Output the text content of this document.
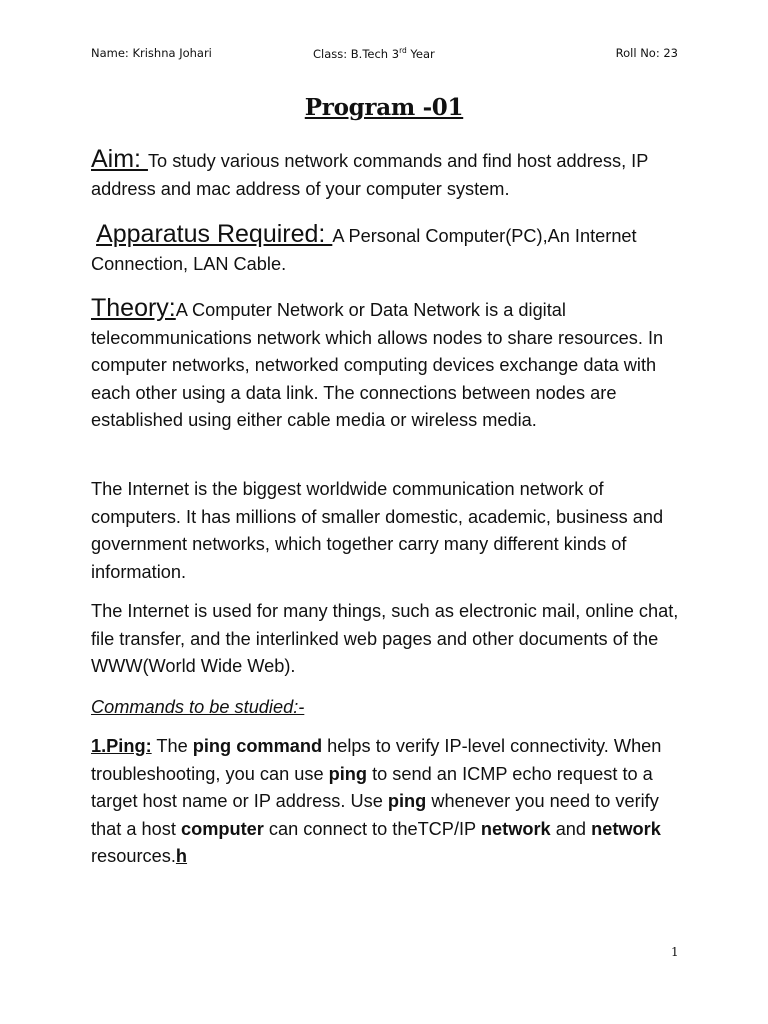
Name: Krishna Johari	Class: B.Tech 3rd Year	Roll No: 23
Program -01

Aim: To study various network commands and find host address, IP address and mac address of your computer system.

Apparatus Required: A Personal Computer(PC),An Internet Connection, LAN Cable.

Theory:A Computer Network or Data Network is a digital telecommunications network which allows nodes to share resources. In computer networks, networked computing devices exchange data with each other using a data link. The connections between nodes are established using either cable media or wireless media.

The Internet is the biggest worldwide communication network of computers. It has millions of smaller domestic, academic, business and government networks, which together carry many different kinds of information.

The Internet is used for many things, such as electronic mail, online chat, file transfer, and the interlinked web pages and other documents of the WWW(World Wide Web).

Commands to be studied:-

1.Ping: The ping command helps to verify IP-level connectivity. When troubleshooting, you can use ping to send an ICMP echo request to a target host name or IP address. Use ping whenever you need to verify that a host computer can connect to theTCP/IP network and network resources.h

1
